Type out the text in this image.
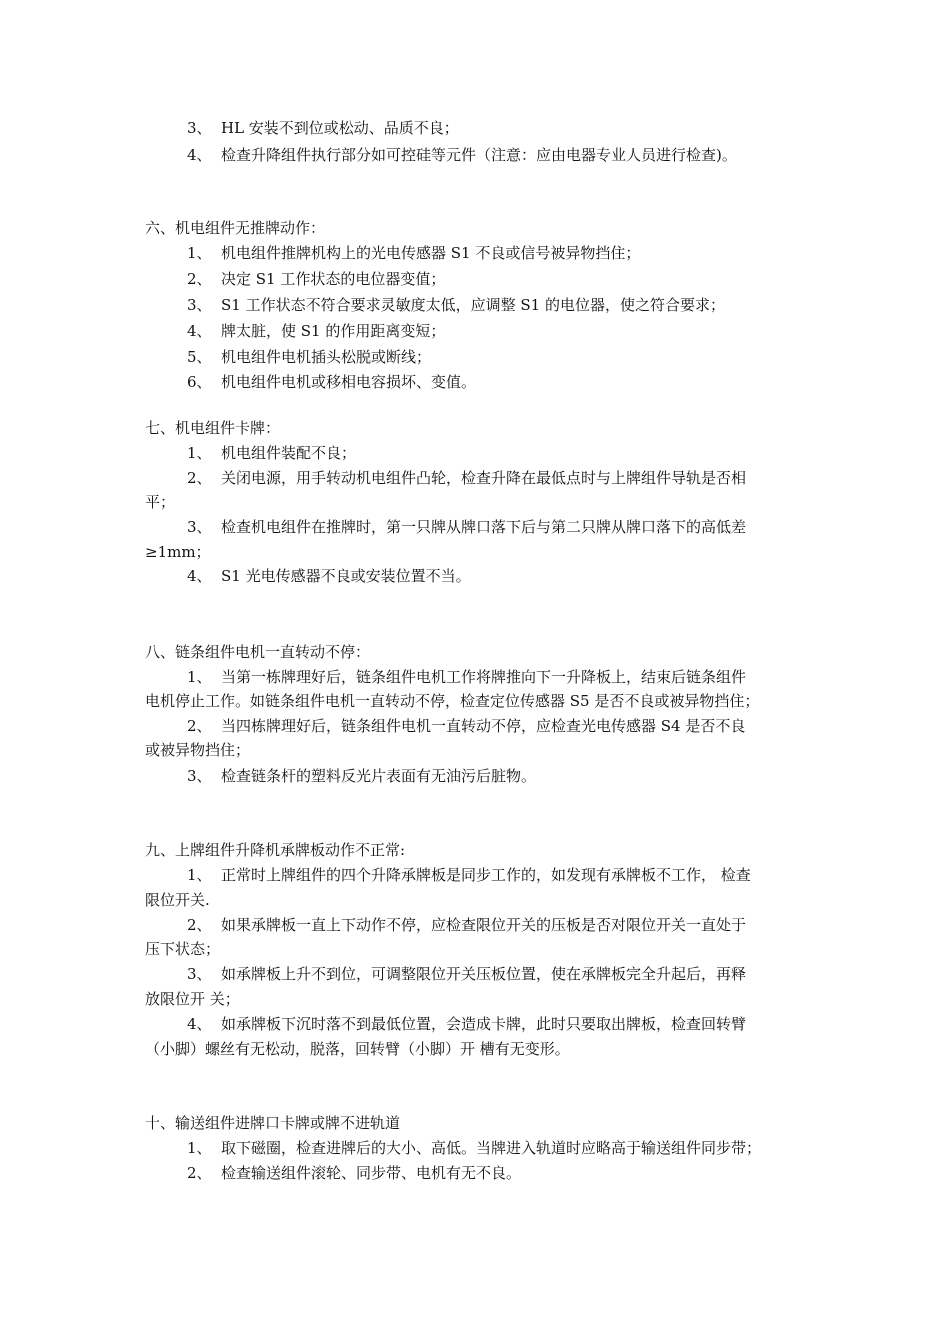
3、 HL 安装不到位或松动、品质不良；
4、 检查升降组件执行部分如可控硅等元件（注意：应由电器专业人员进行检查)。
六、机电组件无推牌动作：
1、 机电组件推牌机构上的光电传感器 S1 不良或信号被异物挡住；
2、 决定 S1 工作状态的电位器变值；
3、 S1 工作状态不符合要求灵敏度太低，应调整 S1 的电位器，使之符合要求；
4、 牌太脏，使 S1 的作用距离变短；
5、 机电组件电机插头松脱或断线；
6、 机电组件电机或移相电容损坏、变值。
七、机电组件卡牌：
1、 机电组件装配不良；
2、 关闭电源，用手转动机电组件凸轮，检查升降在最低点时与上牌组件导轨是否相
平；
3、 检查机电组件在推牌时，第一只牌从牌口落下后与第二只牌从牌口落下的高低差
≥1mm；
4、 S1 光电传感器不良或安装位置不当。
八、链条组件电机一直转动不停：
1、 当第一栋牌理好后，链条组件电机工作将牌推向下一升降板上，结束后链条组件
电机停止工作。如链条组件电机一直转动不停，检查定位传感器 S5 是否不良或被异物挡住；
2、 当四栋牌理好后，链条组件电机一直转动不停，应检查光电传感器 S4 是否不良
或被异物挡住；
3、 检查链条杆的塑料反光片表面有无油污后脏物。
九、上牌组件升降机承牌板动作不正常:
1、 正常时上牌组件的四个升降承牌板是同步工作的，如发现有承牌板不工作， 检查
限位开关.
2、 如果承牌板一直上下动作不停，应检查限位开关的压板是否对限位开关一直处于
压下状态；
3、 如承牌板上升不到位，可调整限位开关压板位置，使在承牌板完全升起后，再释
放限位开 关；
4、 如承牌板下沉时落不到最低位置，会造成卡牌，此时只要取出牌板，检查回转臂
（小脚）螺丝有无松动，脱落，回转臂（小脚）开 槽有无变形。
十、输送组件进牌口卡牌或牌不进轨道
1、 取下磁圈，检查进牌后的大小、高低。当牌进入轨道时应略高于输送组件同步带；
2、 检查输送组件滚轮、同步带、电机有无不良。
